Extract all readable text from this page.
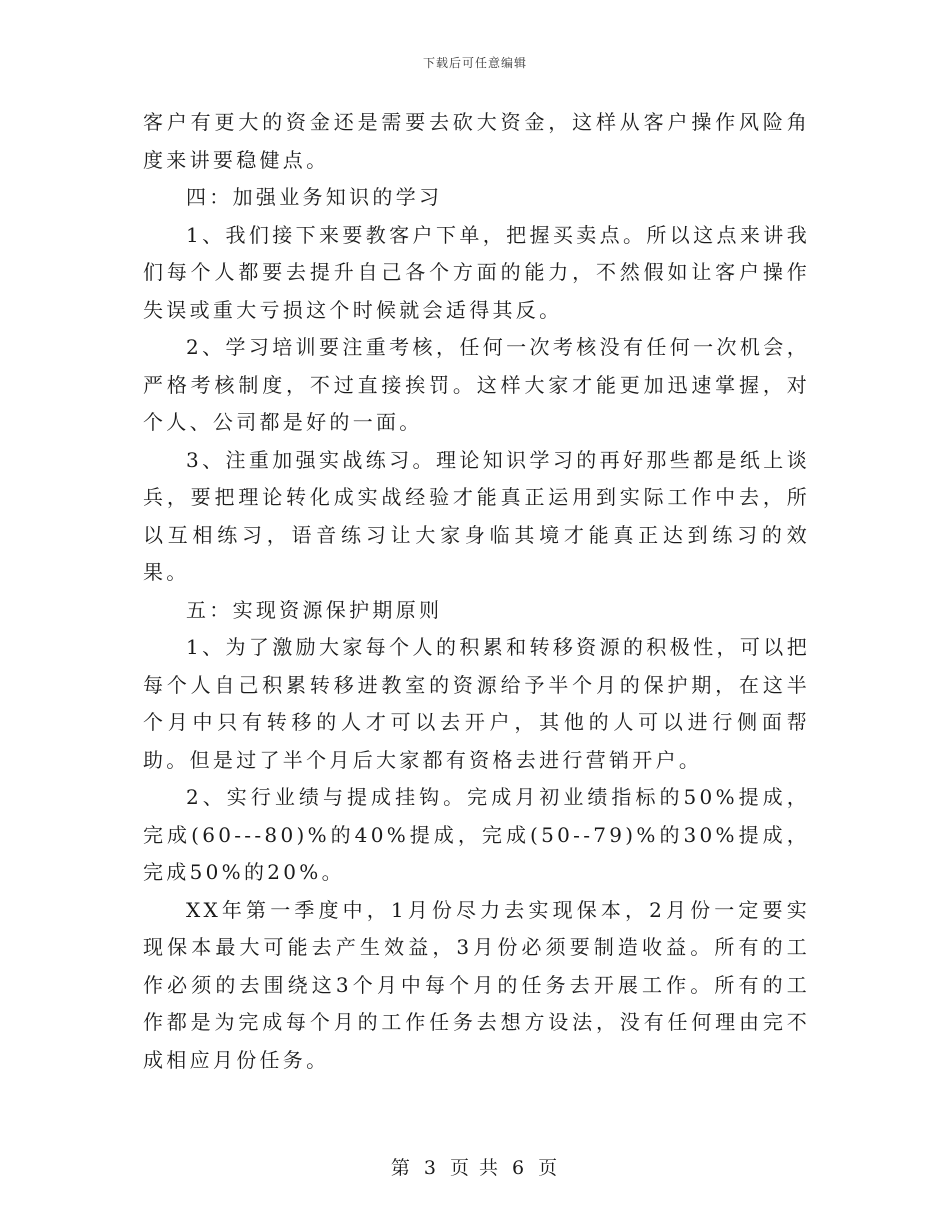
下载后可任意编辑

客户有更大的资金还是需要去砍大资金，这样从客户操作风险角度来讲要稳健点。

四：加强业务知识的学习

1、我们接下来要教客户下单，把握买卖点。所以这点来讲我们每个人都要去提升自己各个方面的能力，不然假如让客户操作失误或重大亏损这个时候就会适得其反。

2、学习培训要注重考核，任何一次考核没有任何一次机会，严格考核制度，不过直接挨罚。这样大家才能更加迅速掌握，对个人、公司都是好的一面。

3、注重加强实战练习。理论知识学习的再好那些都是纸上谈兵，要把理论转化成实战经验才能真正运用到实际工作中去，所以互相练习，语音练习让大家身临其境才能真正达到练习的效果。

五：实现资源保护期原则

1、为了激励大家每个人的积累和转移资源的积极性，可以把每个人自己积累转移进教室的资源给予半个月的保护期，在这半个月中只有转移的人才可以去开户，其他的人可以进行侧面帮助。但是过了半个月后大家都有资格去进行营销开户。

2、实行业绩与提成挂钩。完成月初业绩指标的50%提成，完成(60---80)%的40%提成，完成(50--79)%的30%提成，完成50%的20%。

XX年第一季度中，1月份尽力去实现保本，2月份一定要实现保本最大可能去产生效益，3月份必须要制造收益。所有的工作必须的去围绕这3个月中每个月的任务去开展工作。所有的工作都是为完成每个月的工作任务去想方设法，没有任何理由完不成相应月份任务。

第 3 页 共 6 页
